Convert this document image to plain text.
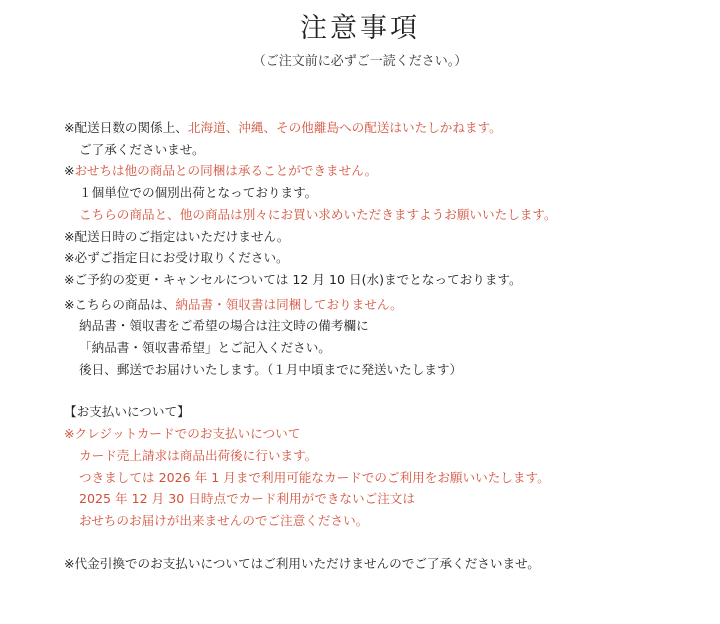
注意事項
（ご注文前に必ずご一読ください。）
※配送日数の関係上、北海道、沖縄、その他離島への配送はいたしかねます。
ご了承くださいませ。
※おせちは他の商品との同梱は承ることができません。
１個単位での個別出荷となっております。
こちらの商品と、他の商品は別々にお買い求めいただきますようお願いいたします。
※配送日時のご指定はいただけません。
※必ずご指定日にお受け取りください。
※ご予約の変更・キャンセルについては 12 月 10 日(水)までとなっております。
※こちらの商品は、納品書・領収書は同梱しておりません。
納品書・領収書をご希望の場合は注文時の備考欄に
「納品書・領収書希望」とご記入ください。
後日、郵送でお届けいたします。（１月中頃までに発送いたします）
【お支払いについて】
※クレジットカードでのお支払いについて
カード売上請求は商品出荷後に行います。
つきましては 2026 年 1 月まで利用可能なカードでのご利用をお願いいたします。
2025 年 12 月 30 日時点でカード利用ができないご注文は
おせちのお届けが出来ませんのでご注意ください。
※代金引換でのお支払いについてはご利用いただけませんのでご了承くださいませ。
